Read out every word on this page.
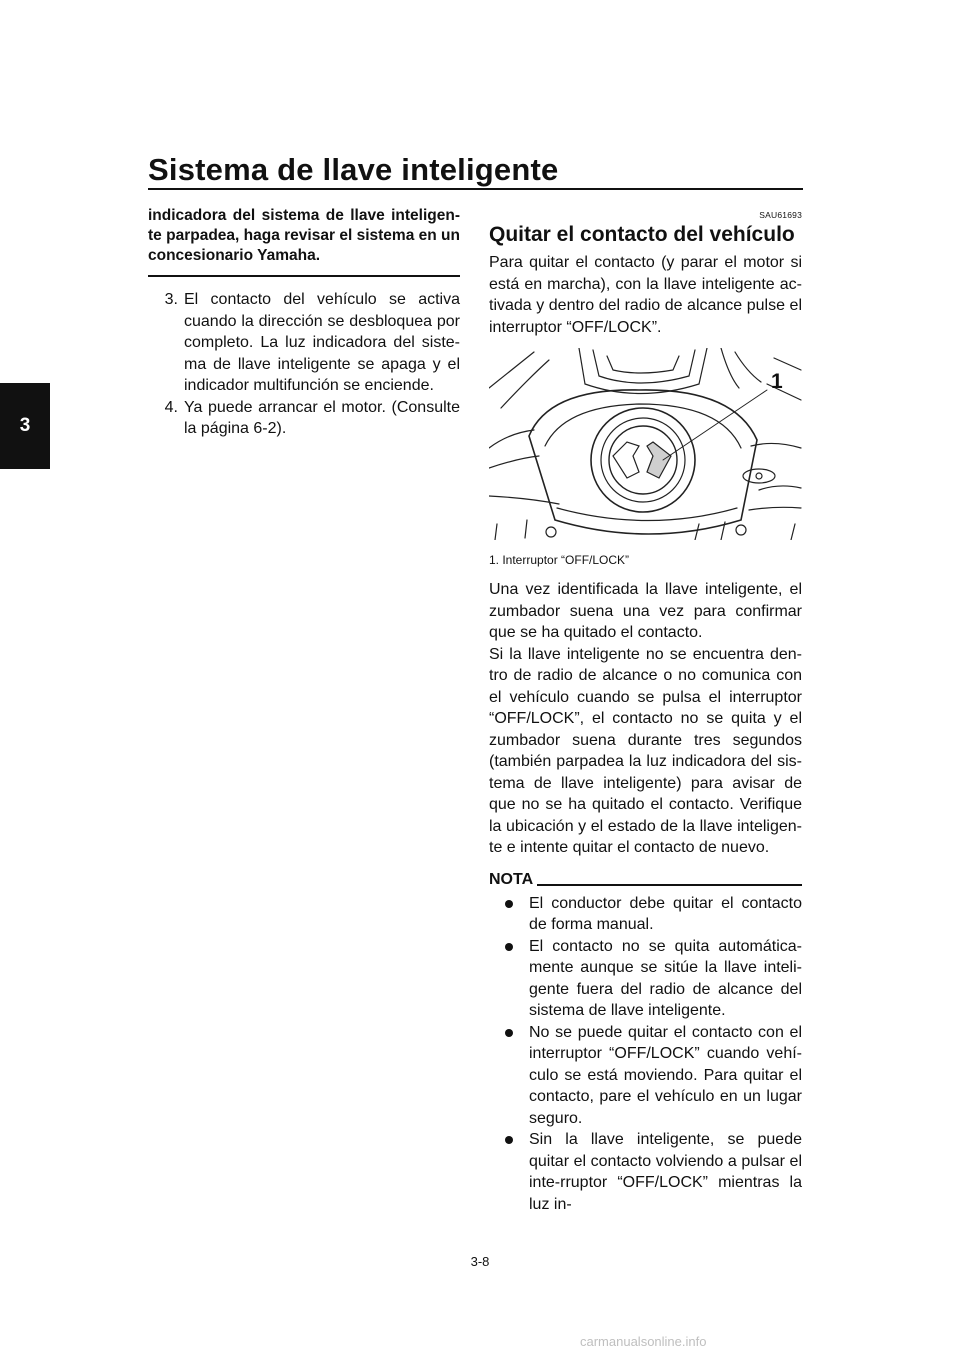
Sistema de llave inteligente
3
indicadora del sistema de llave inteligen-te parpadea, haga revisar el sistema en un concesionario Yamaha.
3. El contacto del vehículo se activa cuando la dirección se desbloquea por completo. La luz indicadora del siste-ma de llave inteligente se apaga y el indicador multifunción se enciende.
4. Ya puede arrancar el motor. (Consulte la página 6-2).
SAU61693
Quitar el contacto del vehículo
Para quitar el contacto (y parar el motor si está en marcha), con la llave inteligente ac-tivada y dentro del radio de alcance pulse el interruptor “OFF/LOCK”.
1
1. Interruptor “OFF/LOCK”
Una vez identificada la llave inteligente, el zumbador suena una vez para confirmar que se ha quitado el contacto.
Si la llave inteligente no se encuentra den-tro de radio de alcance o no comunica con el vehículo cuando se pulsa el interruptor “OFF/LOCK”, el contacto no se quita y el zumbador suena durante tres segundos (también parpadea la luz indicadora del sis-tema de llave inteligente) para avisar de que no se ha quitado el contacto. Verifique la ubicación y el estado de la llave inteligen-te e intente quitar el contacto de nuevo.
NOTA
El conductor debe quitar el contacto de forma manual.
El contacto no se quita automática-mente aunque se sitúe la llave inteli-gente fuera del radio de alcance del sistema de llave inteligente.
No se puede quitar el contacto con el interruptor “OFF/LOCK” cuando vehí-culo se está moviendo. Para quitar el contacto, pare el vehículo en un lugar seguro.
Sin la llave inteligente, se puede quitar el contacto volviendo a pulsar el inte-rruptor “OFF/LOCK” mientras la luz in-
3-8
carmanualsonline.info
